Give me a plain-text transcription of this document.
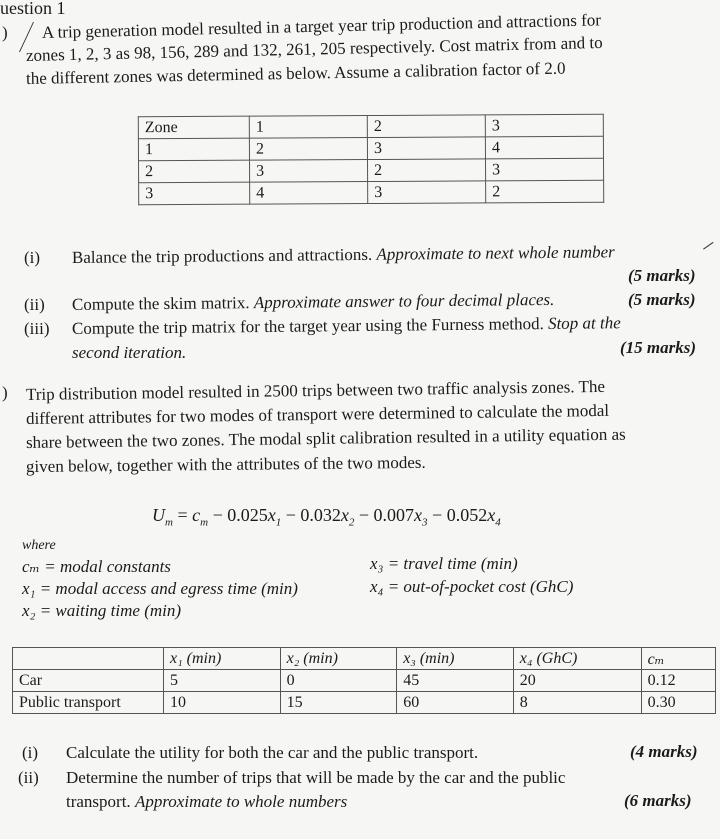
uestion 1
) A trip generation model resulted in a target year trip production and attractions for
zones 1, 2, 3 as 98, 156, 289 and 132, 261, 205 respectively. Cost matrix from and to
the different zones was determined as below. Assume a calibration factor of 2.0
Zone	1	2	3
1	2	3	4
2	3	2	3
3	4	3	2
(i) Balance the trip productions and attractions. Approximate to next whole number
(5 marks)
(ii) Compute the skim matrix. Approximate answer to four decimal places.	(5 marks)
(iii) Compute the trip matrix for the target year using the Furness method. Stop at the
second iteration.	(15 marks)
) Trip distribution model resulted in 2500 trips between two traffic analysis zones. The
different attributes for two modes of transport were determined to calculate the modal
share between the two zones. The modal split calibration resulted in a utility equation as
given below, together with the attributes of the two modes.
$U_m = c_m - 0.025x_1 - 0.032x_2 - 0.007x_3 - 0.052x_4$
where
cₘ = modal constants
x₁ = modal access and egress time (min)
x₂ = waiting time (min)
x₃ = travel time (min)
x₄ = out-of-pocket cost (GhC)
	x₁ (min)	x₂ (min)	x₃ (min)	x₄ (GhC)	cₘ
Car	5	0	45	20	0.12
Public transport	10	15	60	8	0.30
(i) Calculate the utility for both the car and the public transport.	(4 marks)
(ii) Determine the number of trips that will be made by the car and the public
transport. Approximate to whole numbers	(6 marks)
